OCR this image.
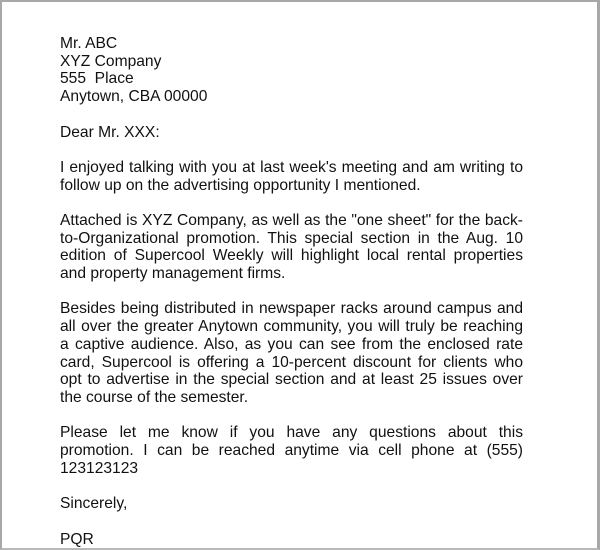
Mr. ABC
XYZ Company
555  Place
Anytown, CBA 00000

Dear Mr. XXX:

I enjoyed talking with you at last week's meeting and am writing to follow up on the advertising opportunity I mentioned.

Attached is XYZ Company, as well as the "one sheet" for the back-to-Organizational promotion. This special section in the Aug. 10 edition of Supercool Weekly will highlight local rental properties and property management firms.

Besides being distributed in newspaper racks around campus and all over the greater Anytown community, you will truly be reaching a captive audience. Also, as you can see from the enclosed rate card, Supercool is offering a 10-percent discount for clients who opt to advertise in the special section and at least 25 issues over the course of the semester.

Please let me know if you have any questions about this promotion. I can be reached anytime via cell phone at (555) 123123123

Sincerely,

PQR
